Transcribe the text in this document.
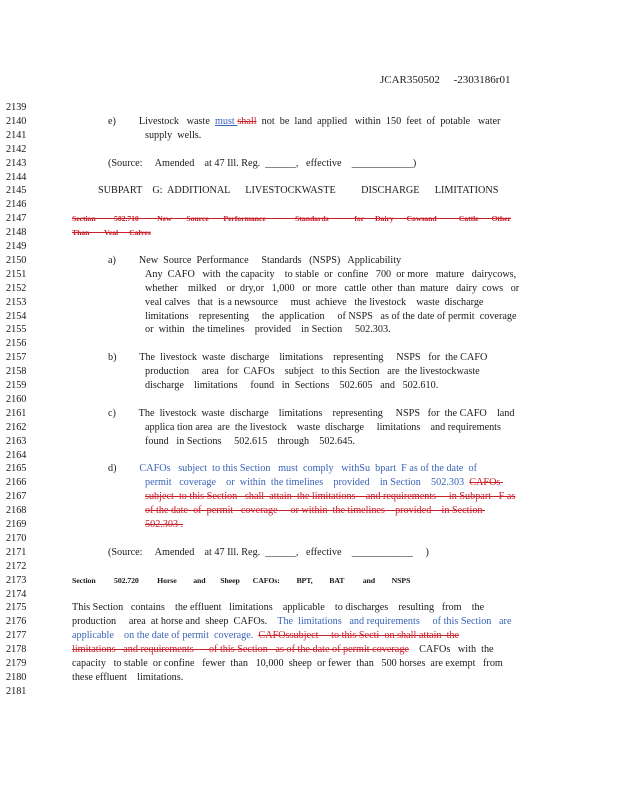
JCAR350502     -2303186r01
2139
2140	e)         Livestock   waste  must shall  not  be  land  applied   within  150  feet  of  potable   water
2141	supply  wells.
2142
2143	(Source:     Amended    at 47 Ill. Reg.  ______,   effective    ____________)
2144
2145	SUBPART    G:  ADDITIONAL      LIVESTOCKWASTE          DISCHARGE      LIMITATIONS
2146
2147	Section          502.710          New        Source        Performance                Standards              for      Dairy       Cowsand            Cattle       Other
2148	Than        Veal      Calves
2149
2150	a)         New  Source  Performance     Standards   (NSPS)   Applicability
2151	Any  CAFO   with  the capacity    to stable  or  confine   700  or more   mature   dairycows,
2152	whether    milked    or  dry,or   1,000   or  more   cattle  other  than  mature   dairy  cows   or
2153	veal calves   that  is a newsource     must  achieve   the livestock    waste  discharge
2154	limitations    representing     the  application     of NSPS   as of the date of permit  coverage
2155	or  within   the timelines    provided    in Section     502.303.
2156
2157	b)         The  livestock  waste  discharge    limitations    representing     NSPS   for  the CAFO
2158	production     area   for  CAFOs    subject   to this Section   are  the livestockwaste
2159	discharge    limitations     found   in  Sections    502.605   and   502.610.
2160
2161	c)         The  livestock  waste  discharge    limitations    representing     NSPS   for  the CAFO    land
2162	applica tion area  are  the livestock    waste  discharge     limitations    and requirements
2163	found   in Sections     502.615    through    502.645.
2164
2165	d)         CAFOs   subject  to this Section   must  comply   withSu  bpart  F as of the date  of
2166	permit   coverage    or  within  the timelines    provided    in Section    502.303  CAFOs
2167	subject  to this Section   shall  attain  the limitations    and requirements     in Subpart   F as
2168	of the date  of  permit   coverage     or within  the timelines    provided    in Section
2169	502.303 .
2170
2171	(Source:     Amended    at 47 Ill. Reg.  ______,   effective    ____________     )
2172
2173	Section          502.720          Horse         and        Sheep       CAFOs:         BPT,         BAT          and         NSPS
2174
2175	This Section   contains    the effluent   limitations    applicable    to discharges    resulting   from    the
2176	production     area  at horse and  sheep  CAFOs.    The  limitations   and requirements     of this Section   are
2177	applicable    on the date of permit  coverage.  CAFOssubject     to this Secti  on shall attain  the
2178	limitations   and requirements      of this Section   as of the date of permit coverage    CAFOs   with  the
2179	capacity   to stable  or confine   fewer  than   10,000  sheep  or fewer  than   500 horses  are exempt   from
2180	these effluent    limitations.
2181
